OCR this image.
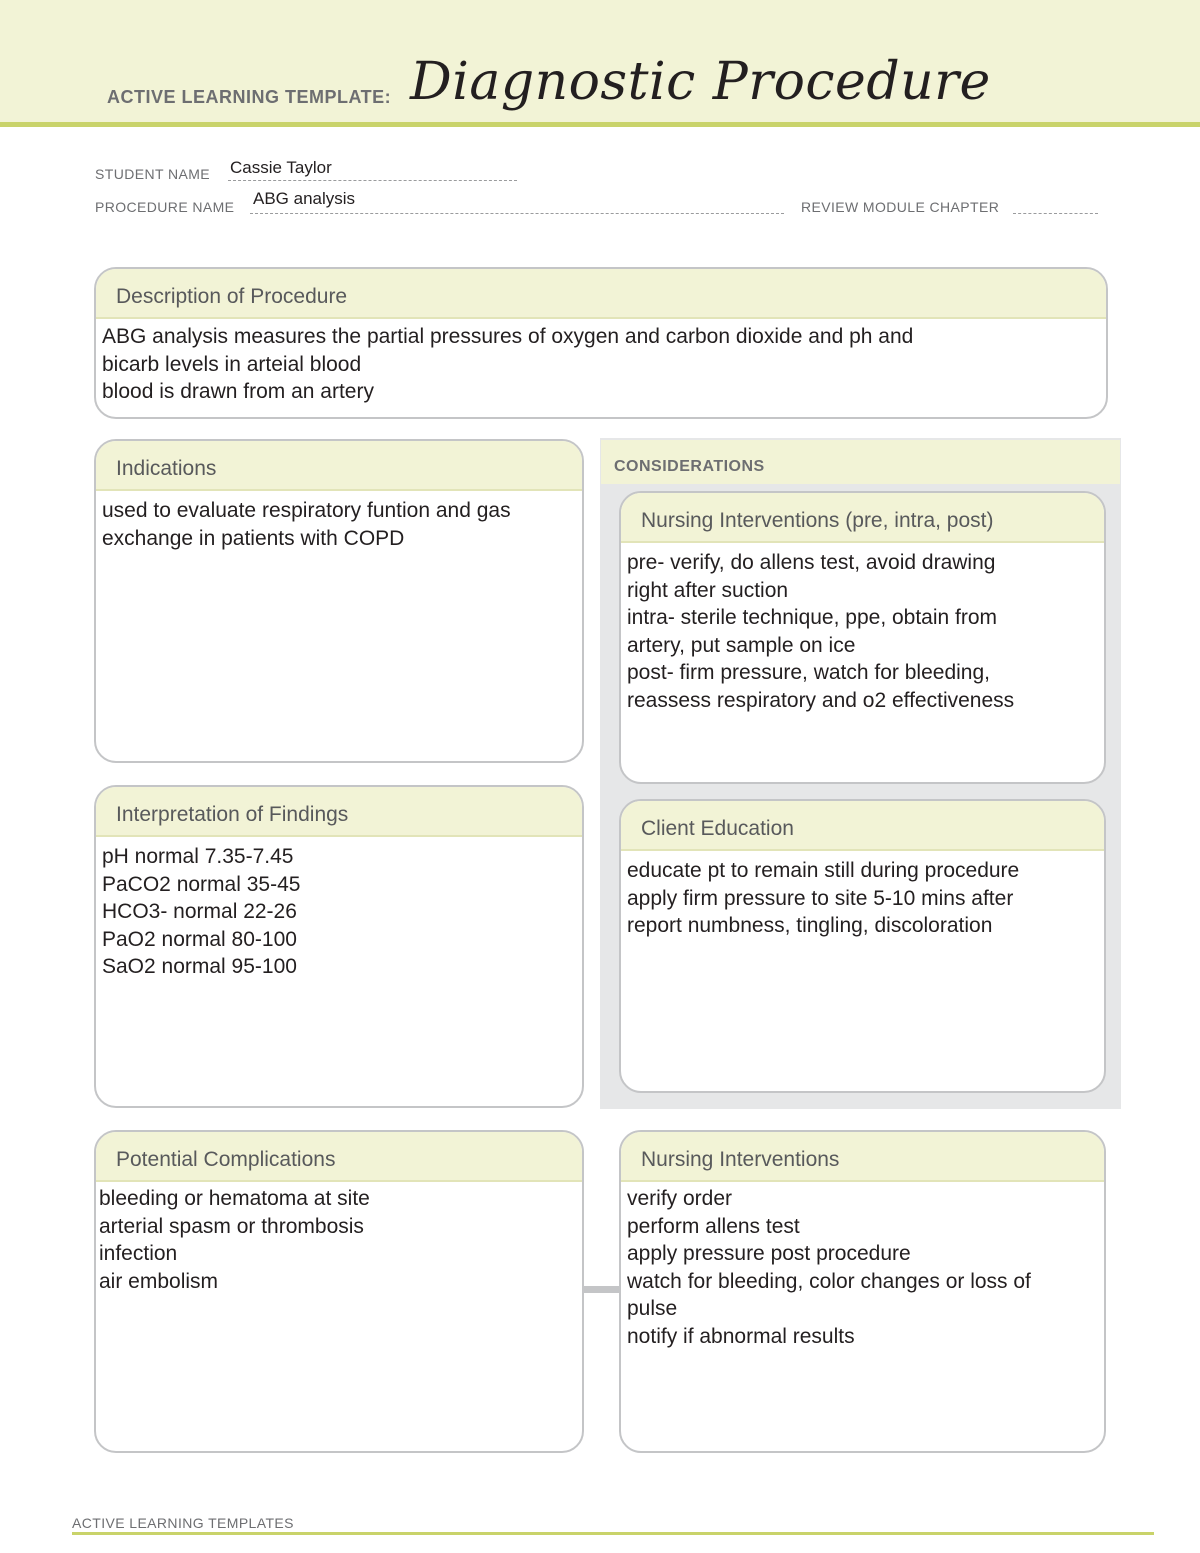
ACTIVE LEARNING TEMPLATE: Diagnostic Procedure
STUDENT NAME Cassie Taylor
PROCEDURE NAME ABG analysis	REVIEW MODULE CHAPTER
Description of Procedure
ABG analysis measures the partial pressures of oxygen and carbon dioxide and ph and
bicarb levels in arteial blood
blood is drawn from an artery
Indications
used to evaluate respiratory funtion and gas
exchange in patients with COPD
CONSIDERATIONS
Nursing Interventions (pre, intra, post)
pre- verify, do allens test, avoid drawing
right after suction
intra- sterile technique, ppe, obtain from
artery, put sample on ice
post- firm pressure, watch for bleeding,
reassess respiratory and o2 effectiveness
Client Education
educate pt to remain still during procedure
apply firm pressure to site 5-10 mins after
report numbness, tingling, discoloration
Interpretation of Findings
pH normal 7.35-7.45
PaCO2 normal 35-45
HCO3- normal 22-26
PaO2 normal 80-100
SaO2 normal 95-100
Potential Complications
bleeding or hematoma at site
arterial spasm or thrombosis
infection
air embolism
Nursing Interventions
verify order
perform allens test
apply pressure post procedure
watch for bleeding, color changes or loss of
pulse
notify if abnormal results
ACTIVE LEARNING TEMPLATES
